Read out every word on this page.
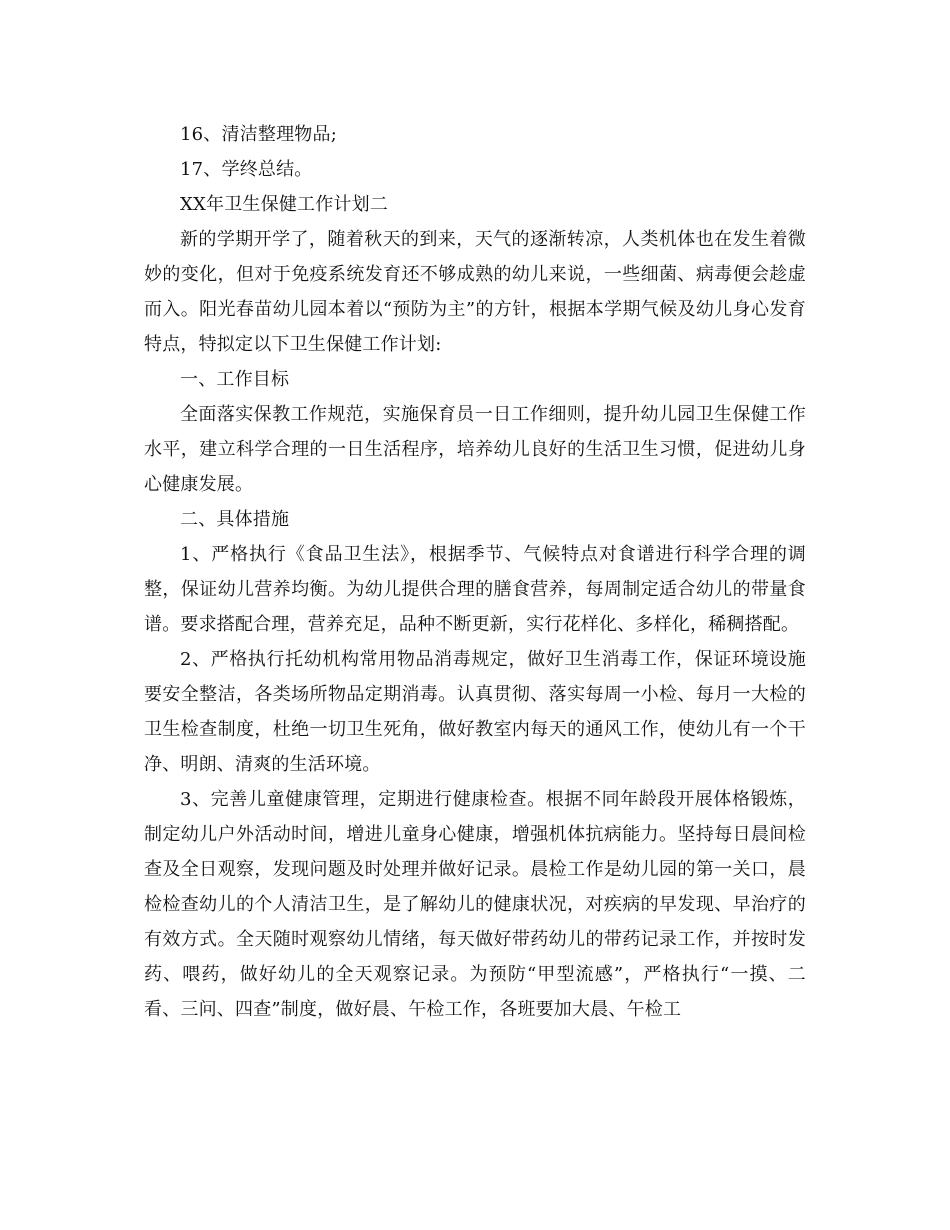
16、清洁整理物品;

17、学终总结。

XX年卫生保健工作计划二

新的学期开学了，随着秋天的到来，天气的逐渐转凉，人类机体也在发生着微妙的变化，但对于免疫系统发育还不够成熟的幼儿来说，一些细菌、病毒便会趁虚而入。阳光春苗幼儿园本着以“预防为主”的方针，根据本学期气候及幼儿身心发育特点，特拟定以下卫生保健工作计划:

一、工作目标

全面落实保教工作规范，实施保育员一日工作细则，提升幼儿园卫生保健工作水平，建立科学合理的一日生活程序，培养幼儿良好的生活卫生习惯，促进幼儿身心健康发展。

二、具体措施

1、严格执行《食品卫生法》，根据季节、气候特点对食谱进行科学合理的调整，保证幼儿营养均衡。为幼儿提供合理的膳食营养，每周制定适合幼儿的带量食谱。要求搭配合理，营养充足，品种不断更新，实行花样化、多样化，稀稠搭配。

2、严格执行托幼机构常用物品消毒规定，做好卫生消毒工作，保证环境设施要安全整洁，各类场所物品定期消毒。认真贯彻、落实每周一小检、每月一大检的卫生检查制度，杜绝一切卫生死角，做好教室内每天的通风工作，使幼儿有一个干净、明朗、清爽的生活环境。

3、完善儿童健康管理，定期进行健康检查。根据不同年龄段开展体格锻炼，制定幼儿户外活动时间，增进儿童身心健康，增强机体抗病能力。坚持每日晨间检查及全日观察，发现问题及时处理并做好记录。晨检工作是幼儿园的第一关口，晨检检查幼儿的个人清洁卫生，是了解幼儿的健康状况，对疾病的早发现、早治疗的有效方式。全天随时观察幼儿情绪，每天做好带药幼儿的带药记录工作，并按时发药、喂药，做好幼儿的全天观察记录。为预防“甲型流感”，严格执行“一摸、二看、三问、四查”制度，做好晨、午检工作，各班要加大晨、午检工
